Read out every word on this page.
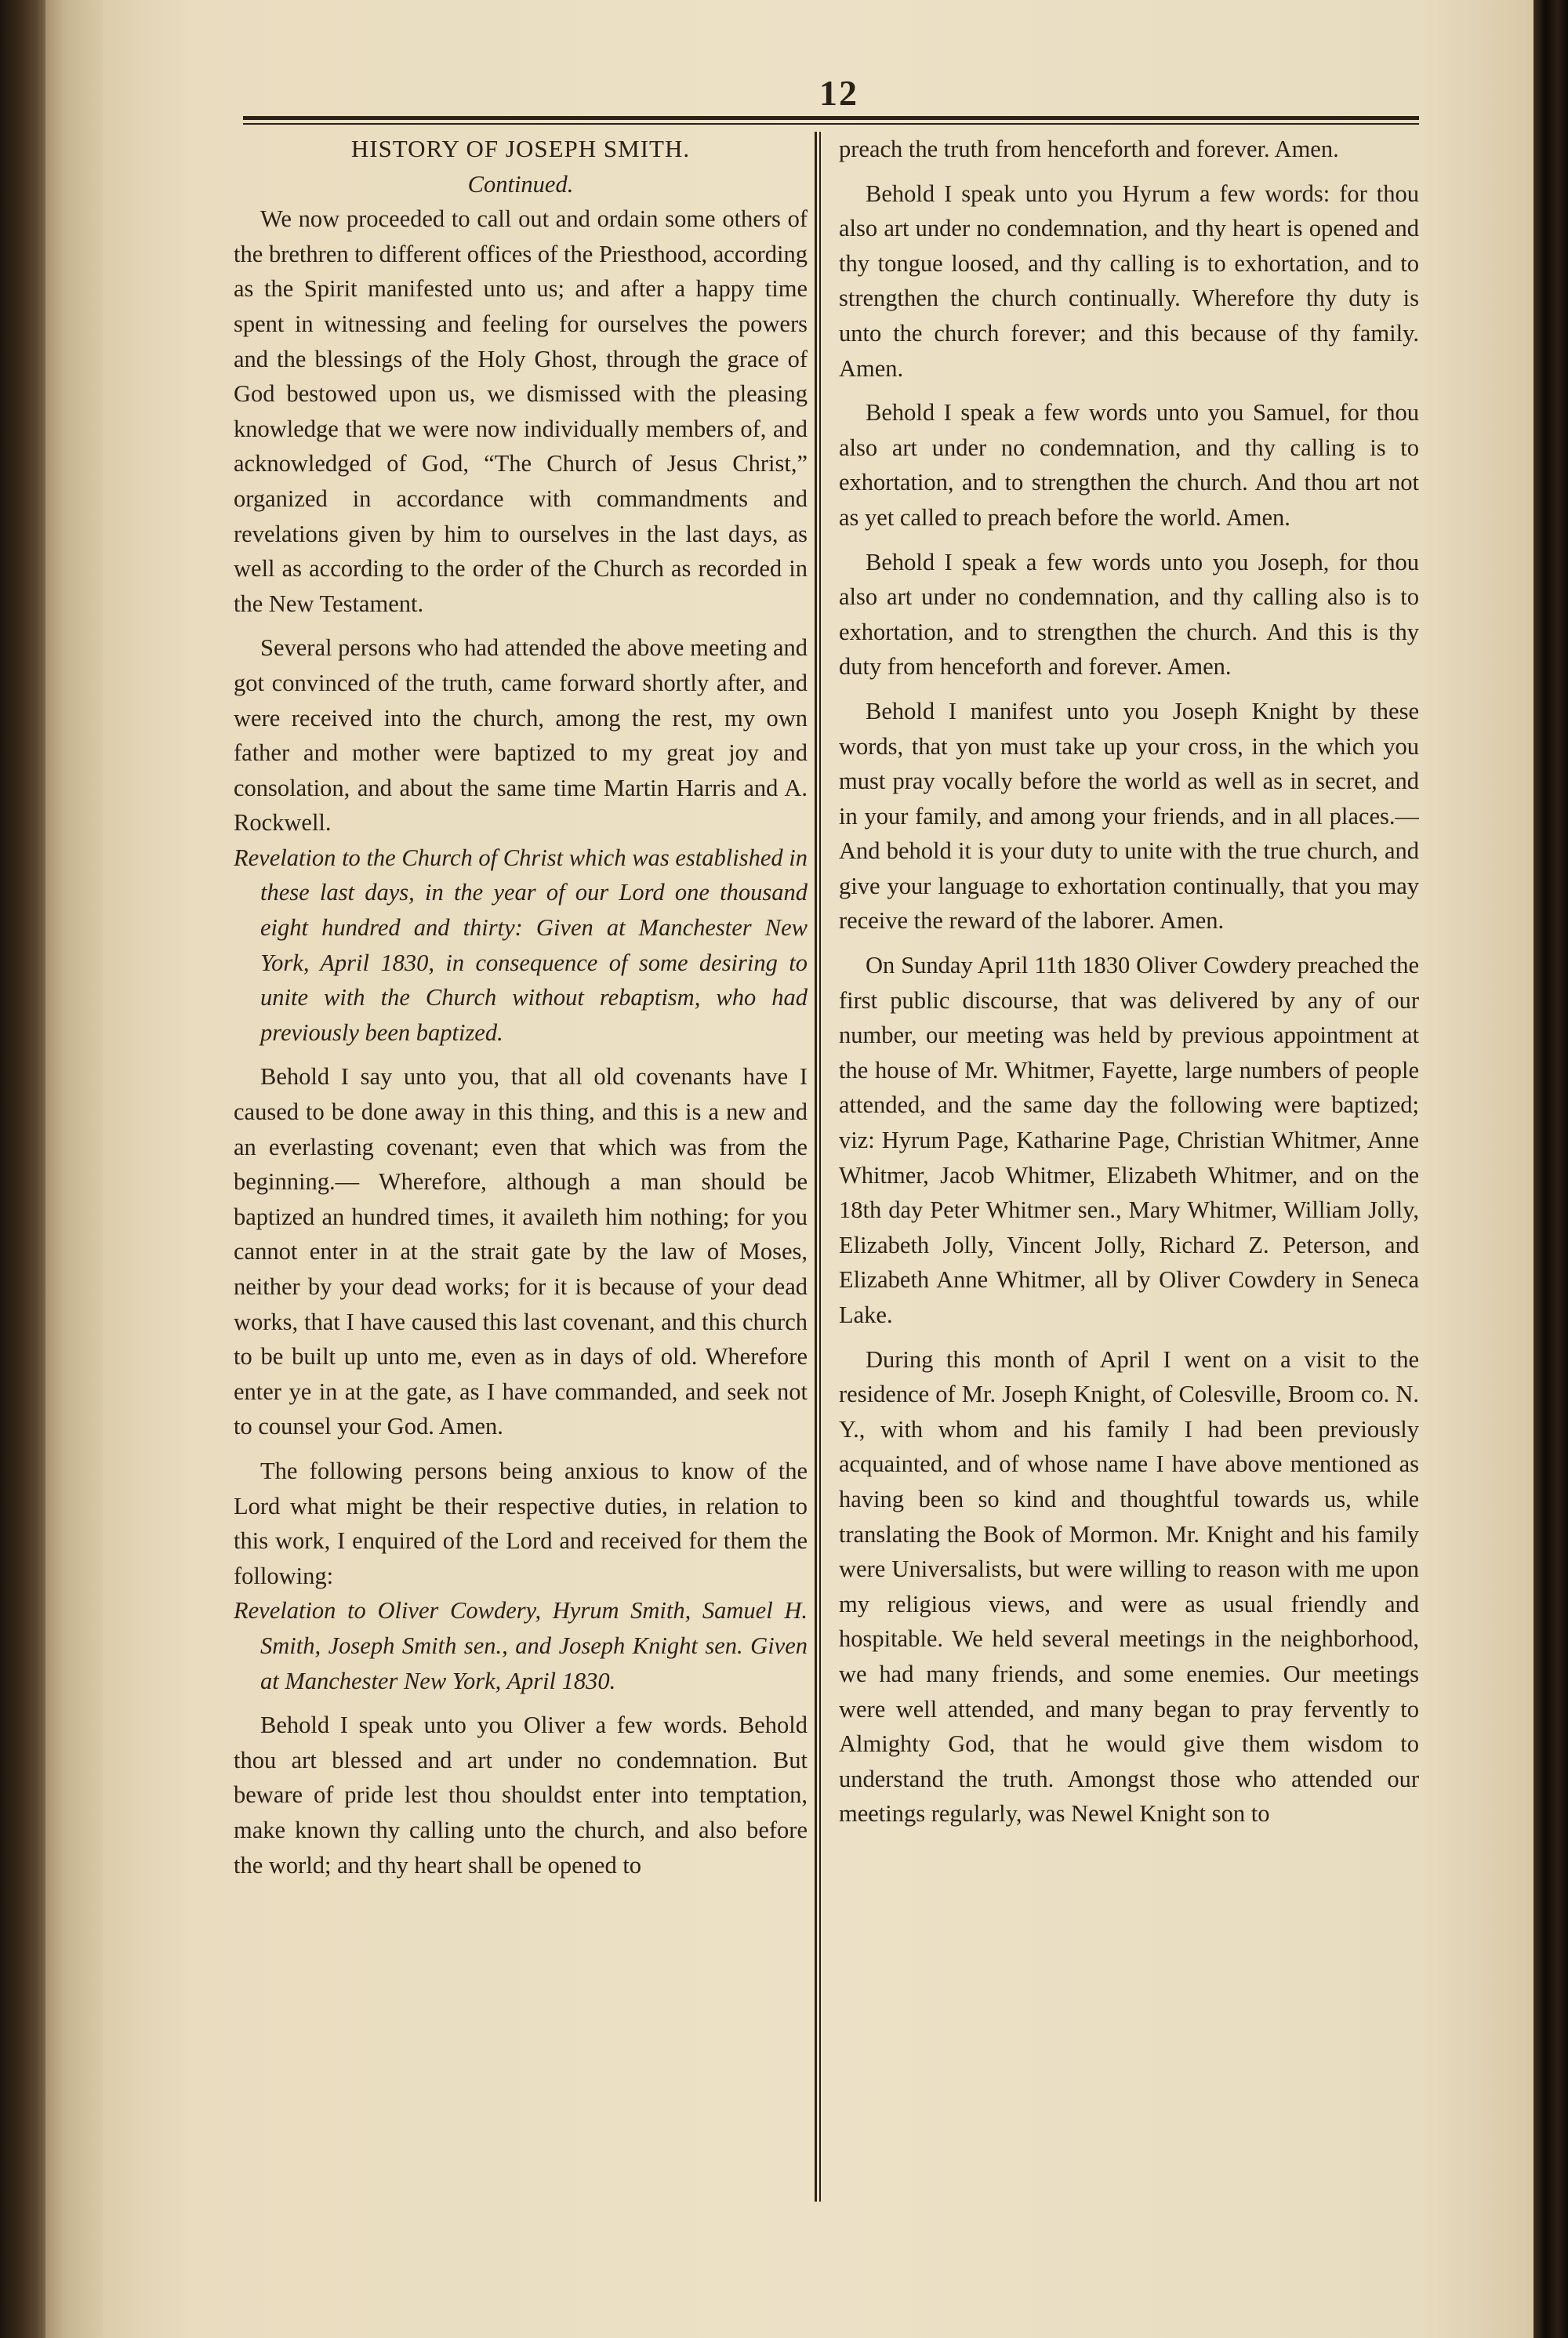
12

HISTORY OF JOSEPH SMITH.

Continued.

We now proceeded to call out and ordain some others of the brethren to different offices of the Priesthood, according as the Spirit manifested unto us; and after a happy time spent in witnessing and feeling for ourselves the powers and the blessings of the Holy Ghost, through the grace of God bestowed upon us, we dismissed with the pleasing knowledge that we were now individually members of, and acknowledged of God, “The Church of Jesus Christ,” organized in accordance with commandments and revelations given by him to ourselves in the last days, as well as according to the order of the Church as recorded in the New Testament.

Several persons who had attended the above meeting and got convinced of the truth, came forward shortly after, and were received into the church, among the rest, my own father and mother were baptized to my great joy and consolation, and about the same time Martin Harris and A. Rockwell.

Revelation to the Church of Christ which was established in these last days, in the year of our Lord one thousand eight hundred and thirty: Given at Manchester New York, April 1830, in consequence of some desiring to unite with the Church without rebaptism, who had previously been baptized.

Behold I say unto you, that all old covenants have I caused to be done away in this thing, and this is a new and an everlasting covenant; even that which was from the beginning.— Wherefore, although a man should be baptized an hundred times, it availeth him nothing; for you cannot enter in at the strait gate by the law of Moses, neither by your dead works; for it is because of your dead works, that I have caused this last covenant, and this church to be built up unto me, even as in days of old. Wherefore enter ye in at the gate, as I have commanded, and seek not to counsel your God. Amen.

The following persons being anxious to know of the Lord what might be their respective duties, in relation to this work, I enquired of the Lord and received for them the following:

Revelation to Oliver Cowdery, Hyrum Smith, Samuel H. Smith, Joseph Smith sen., and Joseph Knight sen. Given at Manchester New York, April 1830.

Behold I speak unto you Oliver a few words. Behold thou art blessed and art under no condemnation. But beware of pride lest thou shouldst enter into temptation, make known thy calling unto the church, and also before the world; and thy heart shall be opened to

preach the truth from henceforth and forever. Amen.

Behold I speak unto you Hyrum a few words: for thou also art under no condemnation, and thy heart is opened and thy tongue loosed, and thy calling is to exhortation, and to strengthen the church continually. Wherefore thy duty is unto the church forever; and this because of thy family. Amen.

Behold I speak a few words unto you Samuel, for thou also art under no condemnation, and thy calling is to exhortation, and to strengthen the church. And thou art not as yet called to preach before the world. Amen.

Behold I speak a few words unto you Joseph, for thou also art under no condemnation, and thy calling also is to exhortation, and to strengthen the church. And this is thy duty from henceforth and forever. Amen.

Behold I manifest unto you Joseph Knight by these words, that yon must take up your cross, in the which you must pray vocally before the world as well as in secret, and in your family, and among your friends, and in all places.— And behold it is your duty to unite with the true church, and give your language to exhortation continually, that you may receive the reward of the laborer. Amen.

On Sunday April 11th 1830 Oliver Cowdery preached the first public discourse, that was delivered by any of our number, our meeting was held by previous appointment at the house of Mr. Whitmer, Fayette, large numbers of people attended, and the same day the following were baptized; viz: Hyrum Page, Katharine Page, Christian Whitmer, Anne Whitmer, Jacob Whitmer, Elizabeth Whitmer, and on the 18th day Peter Whitmer sen., Mary Whitmer, William Jolly, Elizabeth Jolly, Vincent Jolly, Richard Z. Peterson, and Elizabeth Anne Whitmer, all by Oliver Cowdery in Seneca Lake.

During this month of April I went on a visit to the residence of Mr. Joseph Knight, of Colesville, Broom co. N. Y., with whom and his family I had been previously acquainted, and of whose name I have above mentioned as having been so kind and thoughtful towards us, while translating the Book of Mormon. Mr. Knight and his family were Universalists, but were willing to reason with me upon my religious views, and were as usual friendly and hospitable. We held several meetings in the neighborhood, we had many friends, and some enemies. Our meetings were well attended, and many began to pray fervently to Almighty God, that he would give them wisdom to understand the truth. Amongst those who attended our meetings regularly, was Newel Knight son to
